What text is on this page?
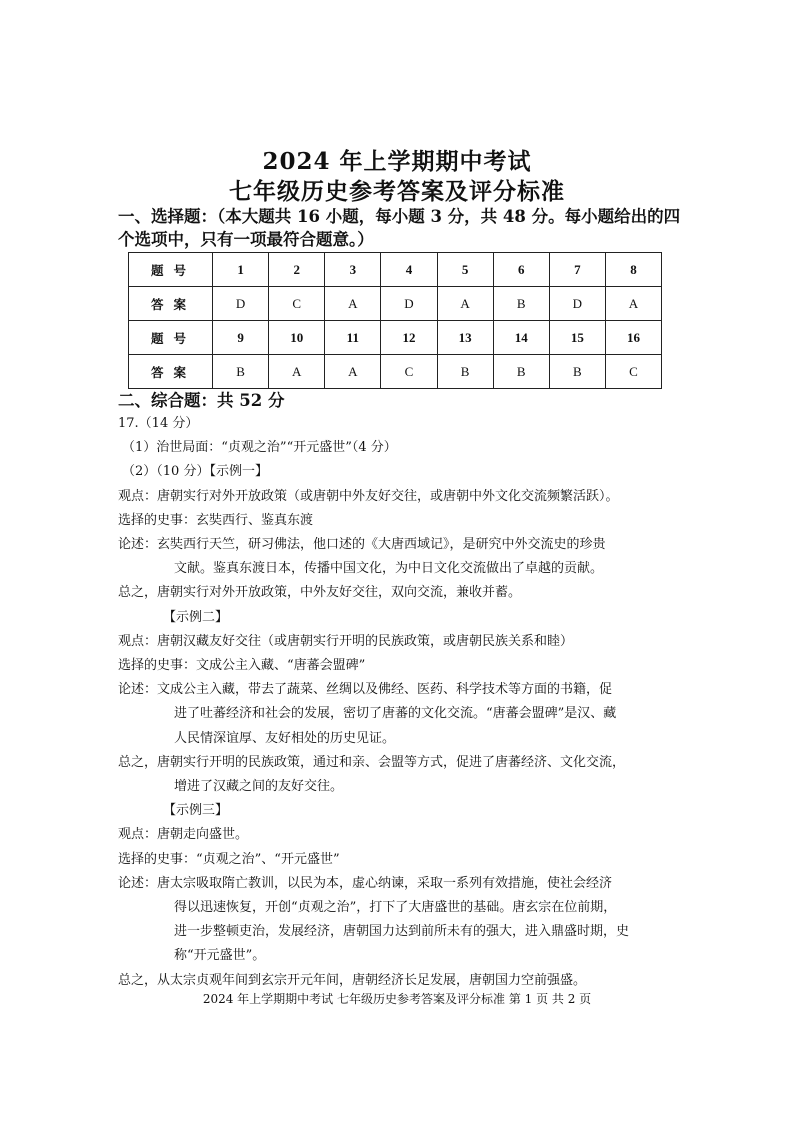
2024 年上学期期中考试
七年级历史参考答案及评分标准
一、选择题：（本大题共 16 小题，每小题 3 分，共 48 分。每小题给出的四
个选项中，只有一项最符合题意。）
题号	1	2	3	4	5	6	7	8
答案	D	C	A	D	A	B	D	A
题号	9	10	11	12	13	14	15	16
答案	B	A	A	C	B	B	B	C
二、综合题：共 52 分
17.（14 分）
（1）治世局面：“贞观之治”“开元盛世”（4 分）
（2）（10 分）【示例一】
观点：唐朝实行对外开放政策（或唐朝中外友好交往，或唐朝中外文化交流频繁活跃）。
选择的史事：玄奘西行、鉴真东渡
论述：玄奘西行天竺，研习佛法，他口述的《大唐西域记》，是研究中外交流史的珍贵
文献。鉴真东渡日本，传播中国文化，为中日文化交流做出了卓越的贡献。
总之，唐朝实行对外开放政策，中外友好交往，双向交流，兼收并蓄。
【示例二】
观点：唐朝汉藏友好交往（或唐朝实行开明的民族政策，或唐朝民族关系和睦）
选择的史事：文成公主入藏、“唐蕃会盟碑”
论述：文成公主入藏，带去了蔬菜、丝绸以及佛经、医药、科学技术等方面的书籍，促
进了吐蕃经济和社会的发展，密切了唐蕃的文化交流。“唐蕃会盟碑”是汉、藏
人民情深谊厚、友好相处的历史见证。
总之，唐朝实行开明的民族政策，通过和亲、会盟等方式，促进了唐蕃经济、文化交流，
增进了汉藏之间的友好交往。
【示例三】
观点：唐朝走向盛世。
选择的史事：“贞观之治”、“开元盛世”
论述：唐太宗吸取隋亡教训，以民为本，虚心纳谏，采取一系列有效措施，使社会经济
得以迅速恢复，开创“贞观之治”，打下了大唐盛世的基础。唐玄宗在位前期，
进一步整顿吏治，发展经济，唐朝国力达到前所未有的强大，进入鼎盛时期，史
称“开元盛世”。
总之，从太宗贞观年间到玄宗开元年间，唐朝经济长足发展，唐朝国力空前强盛。
2024 年上学期期中考试 七年级历史参考答案及评分标准 第 1 页 共 2 页
